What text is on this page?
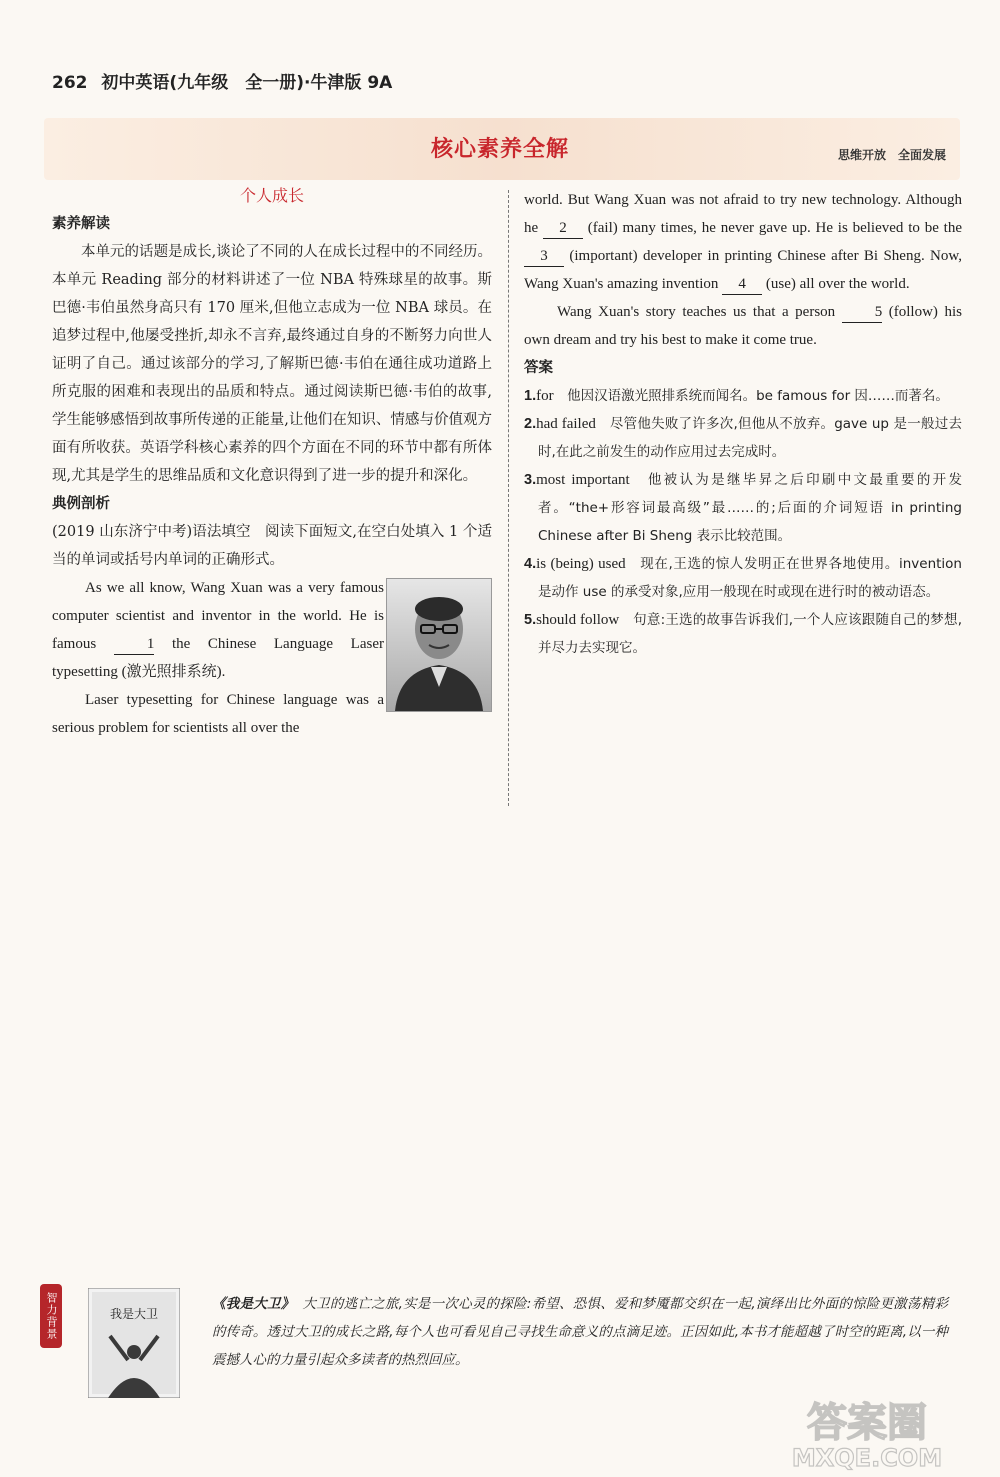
262 初中英语(九年级　全一册)·牛津版 9A
核心素养全解	思维开放　全面发展
个人成长
素养解读

本单元的话题是成长,谈论了不同的人在成长过程中的不同经历。本单元 Reading 部分的材料讲述了一位 NBA 特殊球星的故事。斯巴德·韦伯虽然身高只有 170 厘米,但他立志成为一位 NBA 球员。在追梦过程中,他屡受挫折,却永不言弃,最终通过自身的不断努力向世人证明了自己。通过该部分的学习,了解斯巴德·韦伯在通往成功道路上所克服的困难和表现出的品质和特点。通过阅读斯巴德·韦伯的故事,学生能够感悟到故事所传递的正能量,让他们在知识、情感与价值观方面有所收获。英语学科核心素养的四个方面在不同的环节中都有所体现,尤其是学生的思维品质和文化意识得到了进一步的提升和深化。

典例剖析

(2019 山东济宁中考)语法填空　阅读下面短文,在空白处填入 1 个适当的单词或括号内单词的正确形式。

As we all know, Wang Xuan was a very famous computer scientist and inventor in the world. He is famous 1 the Chinese Language Laser typesetting (激光照排系统).

Laser typesetting for Chinese language was a serious problem for scientists all over the

world. But Wang Xuan was not afraid to try new technology. Although he 2 (fail) many times, he never gave up. He is believed to be the 3 (important) developer in printing Chinese after Bi Sheng. Now, Wang Xuan's amazing invention 4 (use) all over the world.

Wang Xuan's story teaches us that a person 5 (follow) his own dream and try his best to make it come true.

答案

1.for　他因汉语激光照排系统而闻名。be famous for 因……而著名。

2.had failed　尽管他失败了许多次,但他从不放弃。gave up 是一般过去时,在此之前发生的动作应用过去完成时。

3.most important　他被认为是继毕昇之后印刷中文最重要的开发者。“the+形容词最高级”最……的;后面的介词短语 in printing Chinese after Bi Sheng 表示比较范围。

4.is (being) used　现在,王选的惊人发明正在世界各地使用。invention 是动作 use 的承受对象,应用一般现在时或现在进行时的被动语态。

5.should follow　句意:王选的故事告诉我们,一个人应该跟随自己的梦想,并尽力去实现它。

智力背景	我是大卫
《我是大卫》 大卫的逃亡之旅,实是一次心灵的探险:希望、恐惧、爱和梦魇都交织在一起,演绎出比外面的惊险更激荡精彩的传奇。透过大卫的成长之路,每个人也可看见自己寻找生命意义的点滴足迹。正因如此,本书才能超越了时空的距离,以一种震撼人心的力量引起众多读者的热烈回应。
答案圈
MXQE.COM
